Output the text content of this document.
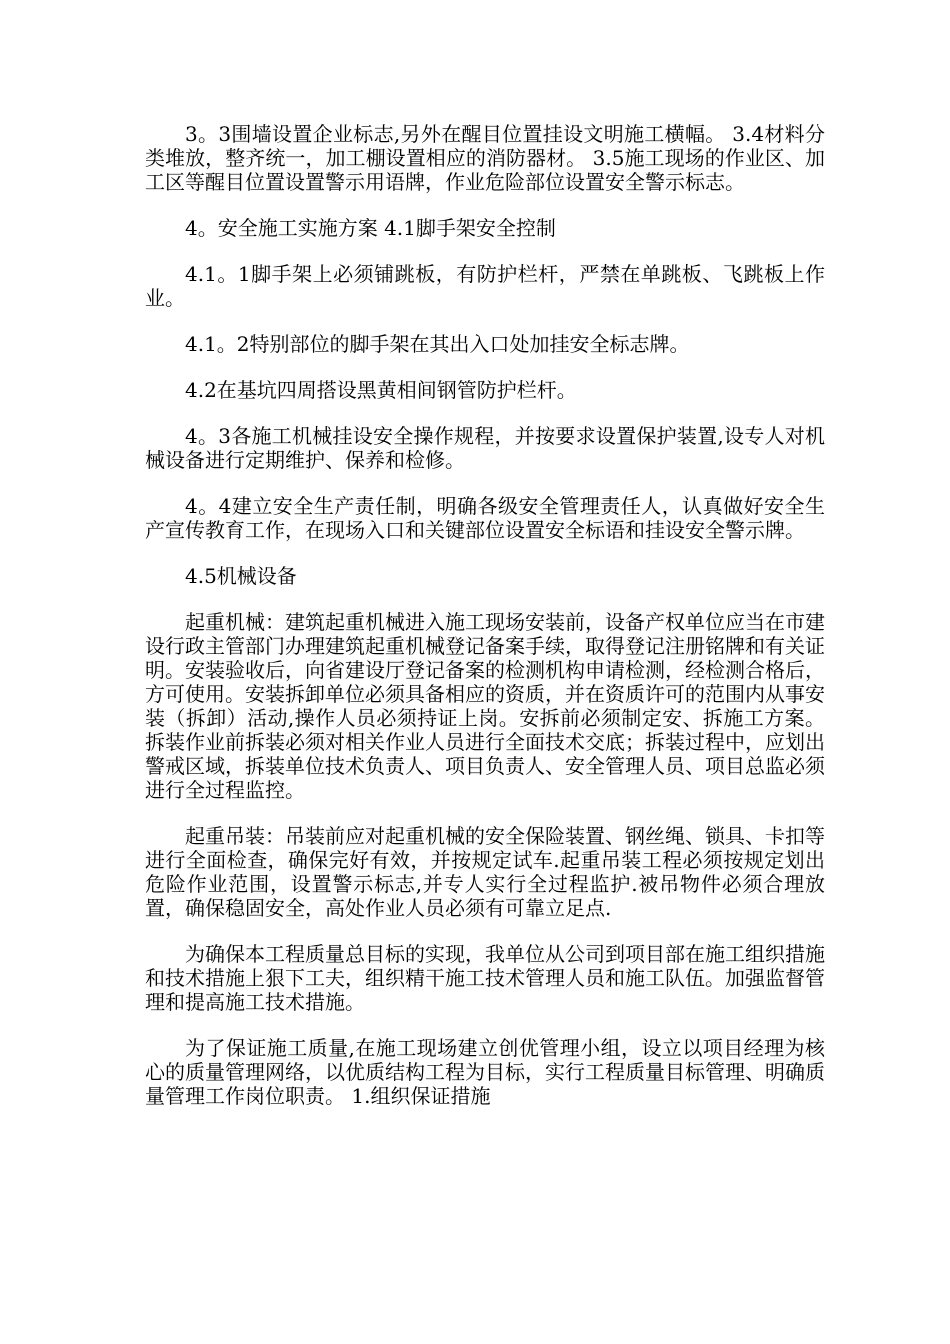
3。3围墙设置企业标志,另外在醒目位置挂设文明施工横幅。 3.4材料分类堆放，整齐统一，加工棚设置相应的消防器材。 3.5施工现场的作业区、加工区等醒目位置设置警示用语牌，作业危险部位设置安全警示标志。

4。安全施工实施方案 4.1脚手架安全控制

4.1。1脚手架上必须铺跳板，有防护栏杆，严禁在单跳板、飞跳板上作业。

4.1。2特别部位的脚手架在其出入口处加挂安全标志牌。

4.2在基坑四周搭设黑黄相间钢管防护栏杆。

4。3各施工机械挂设安全操作规程，并按要求设置保护装置,设专人对机械设备进行定期维护、保养和检修。

4。4建立安全生产责任制，明确各级安全管理责任人，认真做好安全生产宣传教育工作，在现场入口和关键部位设置安全标语和挂设安全警示牌。

4.5机械设备

起重机械：建筑起重机械进入施工现场安装前，设备产权单位应当在市建设行政主管部门办理建筑起重机械登记备案手续，取得登记注册铭牌和有关证明。安装验收后，向省建设厅登记备案的检测机构申请检测，经检测合格后，方可使用。安装拆卸单位必须具备相应的资质，并在资质许可的范围内从事安装（拆卸）活动,操作人员必须持证上岗。安拆前必须制定安、拆施工方案。拆装作业前拆装必须对相关作业人员进行全面技术交底；拆装过程中，应划出警戒区域，拆装单位技术负责人、项目负责人、安全管理人员、项目总监必须进行全过程监控。

起重吊装：吊装前应对起重机械的安全保险装置、钢丝绳、锁具、卡扣等进行全面检查，确保完好有效，并按规定试车.起重吊装工程必须按规定划出危险作业范围，设置警示标志,并专人实行全过程监护.被吊物件必须合理放置，确保稳固安全，高处作业人员必须有可靠立足点.

为确保本工程质量总目标的实现，我单位从公司到项目部在施工组织措施和技术措施上狠下工夫，组织精干施工技术管理人员和施工队伍。加强监督管理和提高施工技术措施。

为了保证施工质量,在施工现场建立创优管理小组，设立以项目经理为核心的质量管理网络，以优质结构工程为目标，实行工程质量目标管理、明确质量管理工作岗位职责。 1.组织保证措施
